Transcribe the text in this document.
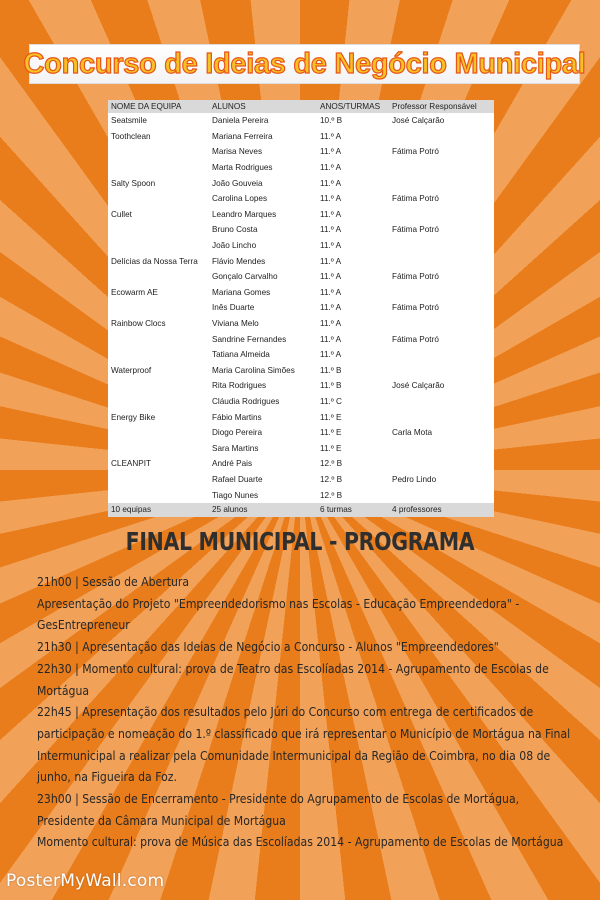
Concurso de Ideias de Negócio Municipal
NOME DA EQUIPA	ALUNOS	ANOS/TURMAS	Professor Responsável
Seatsmile	Daniela Pereira	10.º B	José Calçarão
Toothclean	Mariana Ferreira	11.º A	
	Marisa Neves	11.º A	Fátima Potró
	Marta Rodrigues	11.º A	
Salty Spoon	João Gouveia	11.º A	
	Carolina Lopes	11.º A	Fátima Potró
Cullet	Leandro Marques	11.º A	
	Bruno Costa	11.º A	Fátima Potró
	João Lincho	11.º A	
Delícias da Nossa Terra	Flávio Mendes	11.º A	
	Gonçalo Carvalho	11.º A	Fátima Potró
Ecowarm AE	Mariana Gomes	11.º A	
	Inês Duarte	11.º A	Fátima Potró
Rainbow Clocs	Viviana Melo	11.º A	
	Sandrine Fernandes	11.º A	Fátima Potró
	Tatiana Almeida	11.º A	
Waterproof	Maria Carolina Simões	11.º B	
	Rita Rodrigues	11.º B	José Calçarão
	Cláudia Rodrigues	11.º C	
Energy Bike	Fábio Martins	11.º E	
	Diogo Pereira	11.º E	Carla Mota
	Sara Martins	11.º E	
CLEANPIT	André Pais	12.º B	
	Rafael Duarte	12.º B	Pedro Lindo
	Tiago Nunes	12.º B	
10 equipas	25 alunos	6 turmas	4 professores
FINAL MUNICIPAL - PROGRAMA
21h00 | Sessão de Abertura
Apresentação do Projeto "Empreendedorismo nas Escolas - Educação Empreendedora" - GesEntrepreneur
21h30 | Apresentação das Ideias de Negócio a Concurso - Alunos "Empreendedores"
22h30 | Momento cultural: prova de Teatro das Escolíadas 2014 - Agrupamento de Escolas de Mortágua
22h45 | Apresentação dos resultados pelo Júri do Concurso com entrega de certificados de participação e nomeação do 1.º classificado que irá representar o Município de Mortágua na Final Intermunicipal a realizar pela Comunidade Intermunicipal da Região de Coimbra, no dia 08 de junho, na Figueira da Foz.
23h00 | Sessão de Encerramento - Presidente do Agrupamento de Escolas de Mortágua, Presidente da Câmara Municipal de Mortágua
Momento cultural: prova de Música das Escolíadas 2014 - Agrupamento de Escolas de Mortágua
PosterMyWall.com
